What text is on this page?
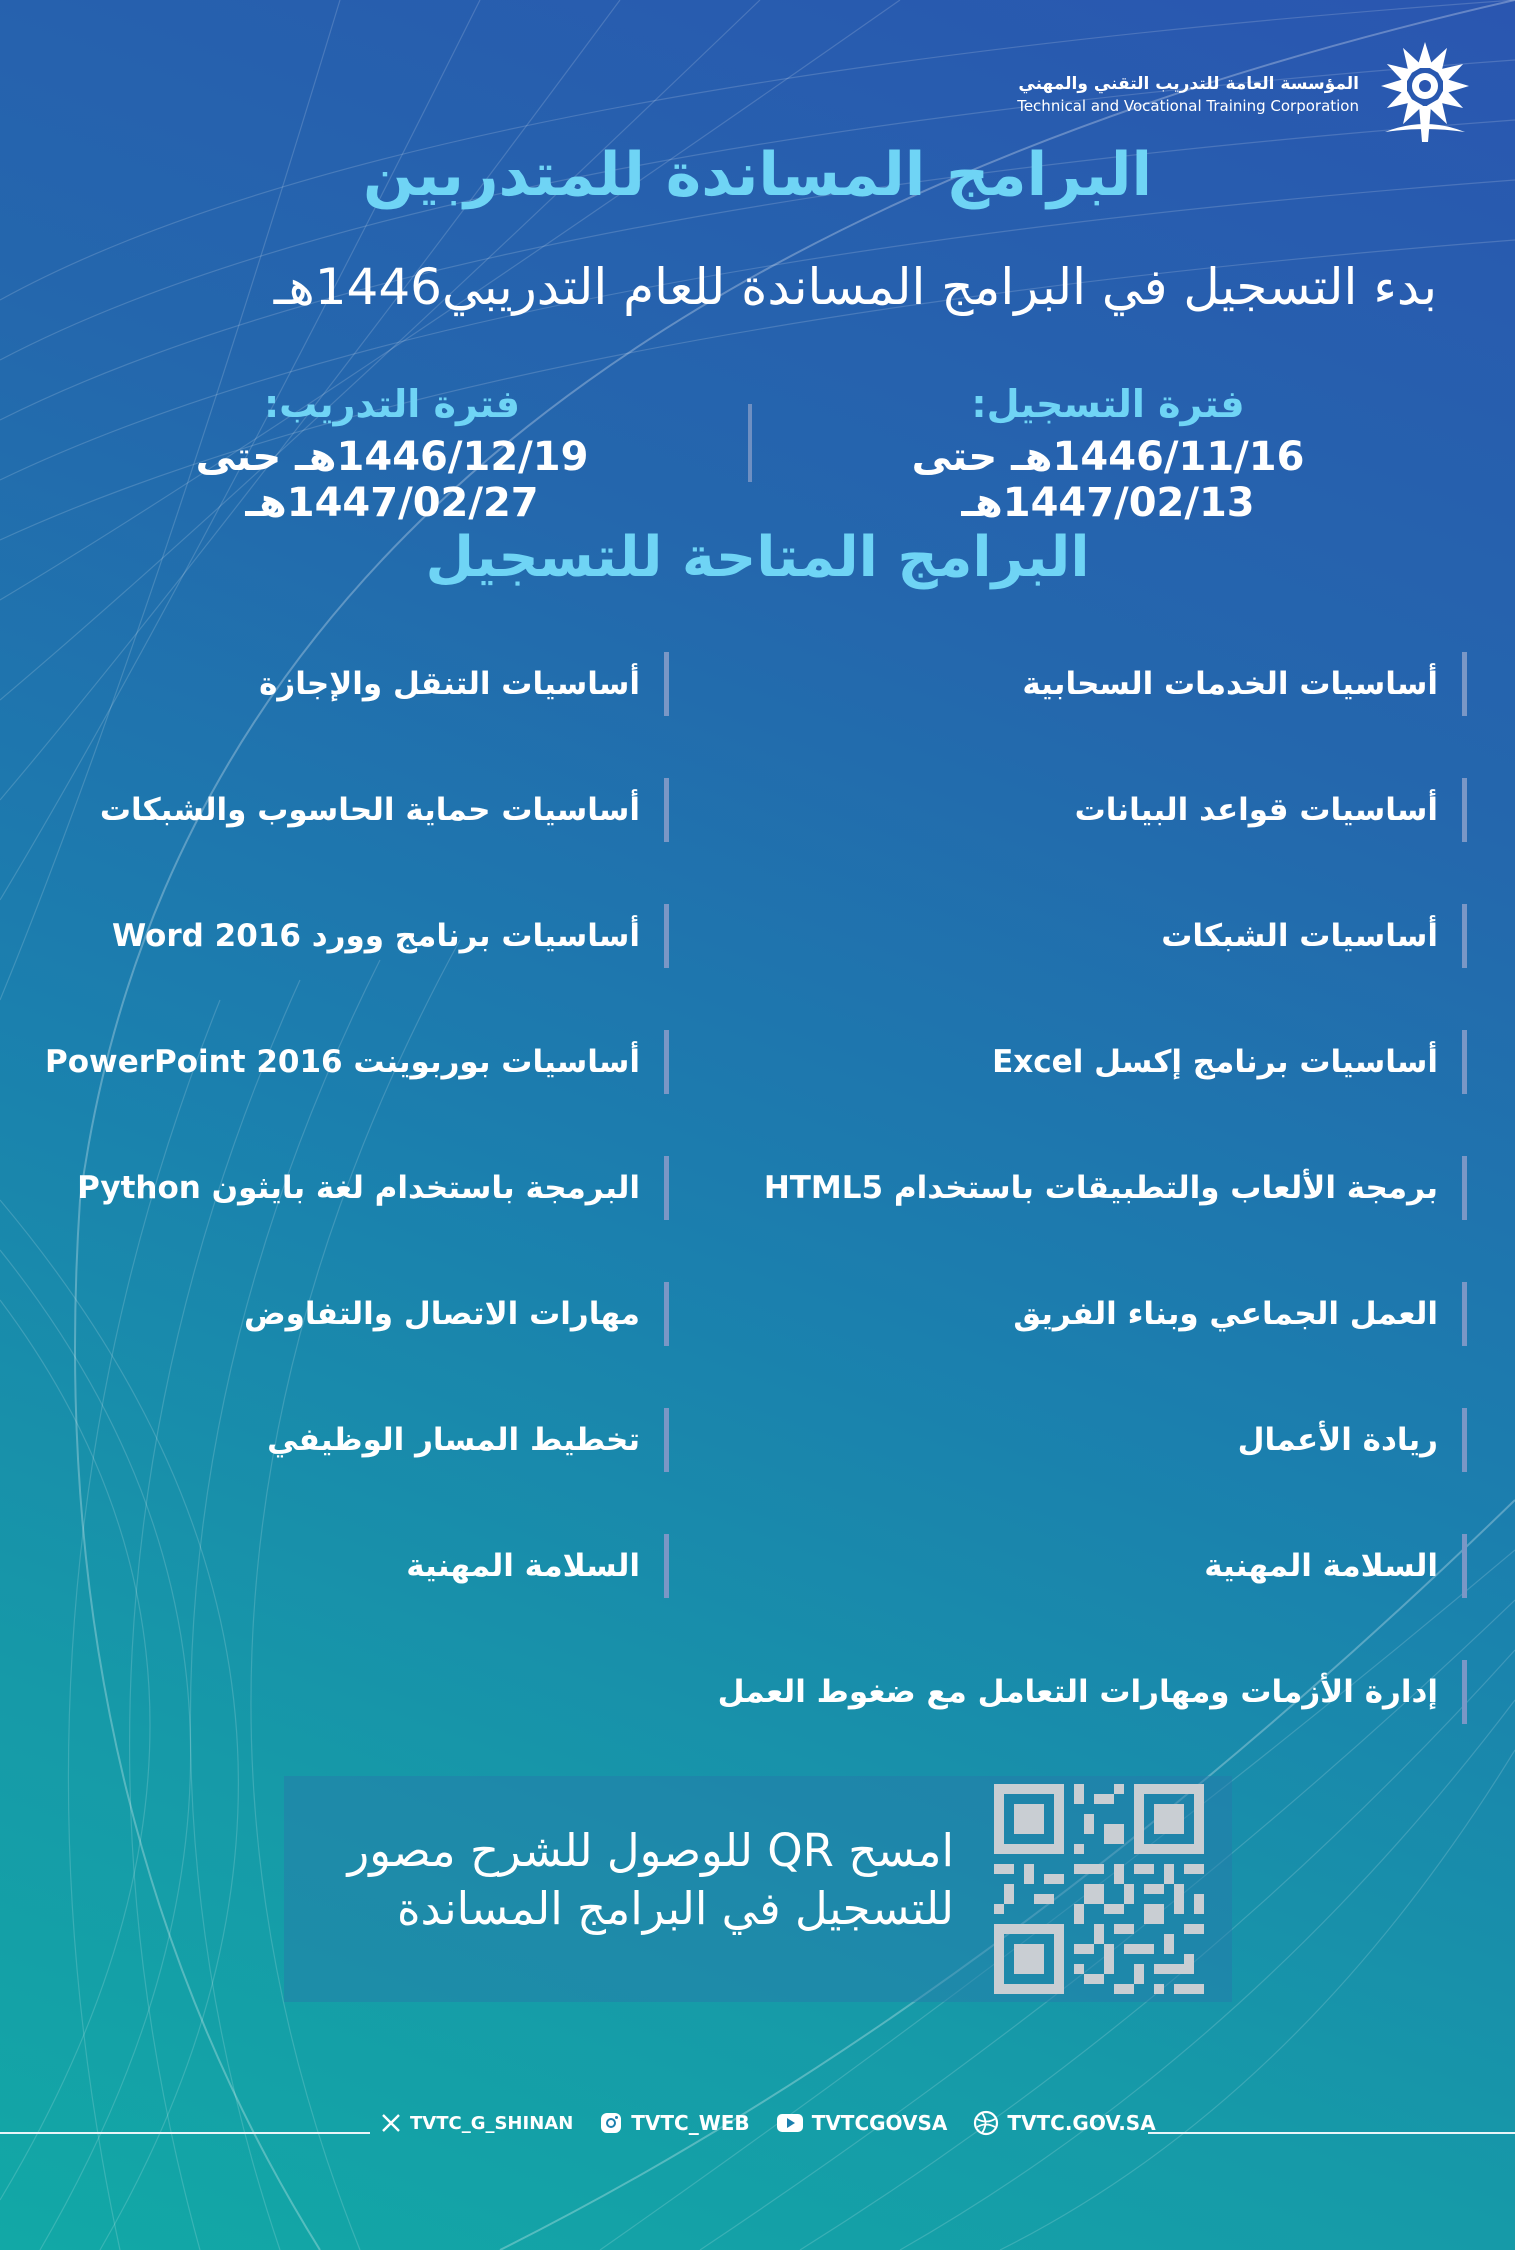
المؤسسة العامة للتدريب التقني والمهني
Technical and Vocational Training Corporation
البرامج المساندة للمتدربين
بدء التسجيل في البرامج المساندة للعام التدريبي1446هـ
فترة التسجيل:
1446/11/16هـ حتى 1447/02/13هـ
فترة التدريب:
1446/12/19هـ حتى 1447/02/27هـ
البرامج المتاحة للتسجيل
أساسيات الخدمات السحابية
أساسيات قواعد البيانات
أساسيات الشبكات
أساسيات برنامج إكسل Excel
برمجة الألعاب والتطبيقات باستخدام HTML5
العمل الجماعي وبناء الفريق
ريادة الأعمال
السلامة المهنية
إدارة الأزمات ومهارات التعامل مع ضغوط العمل
أساسيات التنقل والإجازة
أساسيات حماية الحاسوب والشبكات
أساسيات برنامج وورد Word 2016
أساسيات بوربوينت PowerPoint 2016
البرمجة باستخدام لغة بايثون Python
مهارات الاتصال والتفاوض
تخطيط المسار الوظيفي
السلامة المهنية
امسح QR للوصول للشرح مصور
للتسجيل في البرامج المساندة
TVTC_G_SHINAN	TVTC_WEB	TVTCGOVSA	TVTC.GOV.SA
